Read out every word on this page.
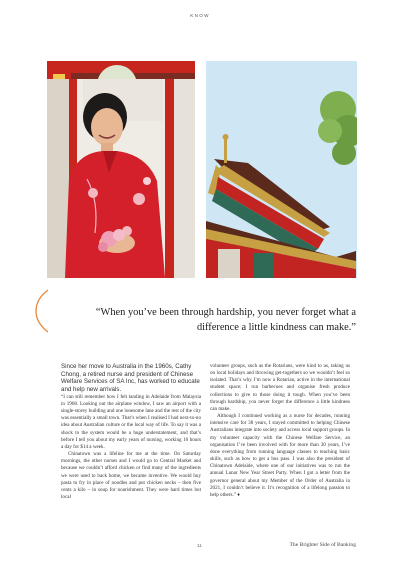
KNOW

“When you’ve been through hardship, you never forget what a difference a little kindness can make.”

Since her move to Australia in the 1960s, Cathy Chong, a retired nurse and president of Chinese Welfare Services of SA Inc, has worked to educate and help new arrivals.

“I can still remember how I felt landing in Adelaide from Malaysia in 1968. Looking out the airplane window, I saw an airport with a single-storey building and one lonesome lane and the rest of the city was essentially a small town. That’s when I realised I had next-to-no idea about Australian culture or the local way of life. To say it was a shock to the system would be a huge understatement, and that’s before I tell you about my early years of nursing, working 16 hours a day for $14 a week.

Chinatown was a lifeline for me at the time. On Saturday mornings, the other nurses and I would go to Central Market and because we couldn’t afford chicken or find many of the ingredients we were used to back home, we became inventive. We would buy pasta to fry in place of noodles and put chicken necks – then five cents a kilo – in soup for nourishment. They were hard times but local

volunteer groups, such as the Rotarians, were kind to us, taking us on local holidays and throwing get-togethers so we wouldn’t feel so isolated. That’s why I’m now a Rotarian, active in the international student space; I run barbecues and organise fresh produce collections to give to those doing it tough. When you’ve been through hardship, you never forget the difference a little kindness can make.

Although I continued working as a nurse for decades, running intensive care for 38 years, I stayed committed to helping Chinese Australians integrate into society and access local support groups. In my volunteer capacity with the Chinese Welfare Service, an organisation I’ve been involved with for more than 30 years, I’ve done everything from running language classes to teaching basic skills, such as how to get a bus pass. I was also the president of Chinatown Adelaide, where one of our initiatives was to run the annual Lunar New Year Street Party. When I got a letter from the governor general about my Member of the Order of Australia in 2021, I couldn’t believe it. It’s recognition of a lifelong passion to help others.” ♦

11	The Brighter Side of Banking
